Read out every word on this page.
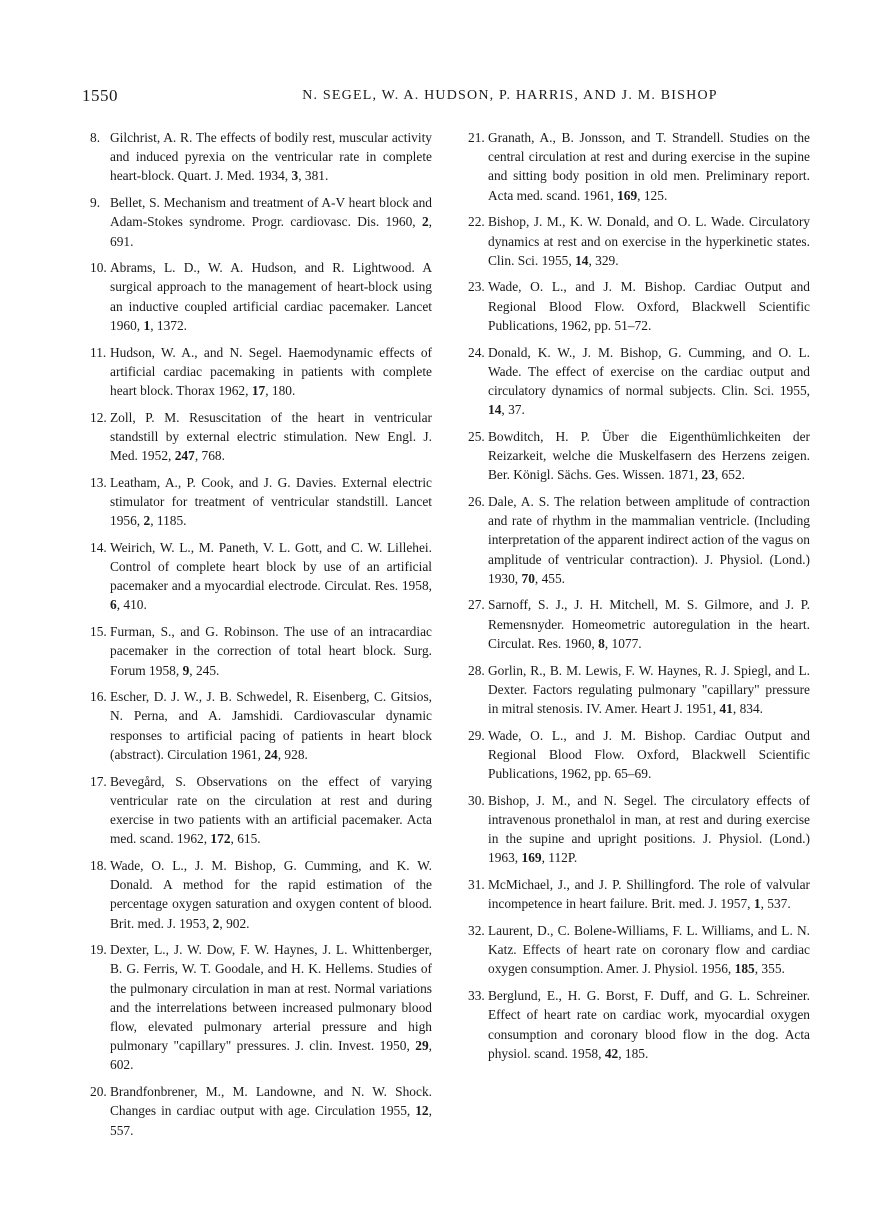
1550	N. SEGEL, W. A. HUDSON, P. HARRIS, AND J. M. BISHOP

8. Gilchrist, A. R. The effects of bodily rest, muscular activity and induced pyrexia on the ventricular rate in complete heart-block. Quart. J. Med. 1934, 3, 381.

9. Bellet, S. Mechanism and treatment of A-V heart block and Adam-Stokes syndrome. Progr. cardiovasc. Dis. 1960, 2, 691.

10. Abrams, L. D., W. A. Hudson, and R. Lightwood. A surgical approach to the management of heart-block using an inductive coupled artificial cardiac pacemaker. Lancet 1960, 1, 1372.

11. Hudson, W. A., and N. Segel. Haemodynamic effects of artificial cardiac pacemaking in patients with complete heart block. Thorax 1962, 17, 180.

12. Zoll, P. M. Resuscitation of the heart in ventricular standstill by external electric stimulation. New Engl. J. Med. 1952, 247, 768.

13. Leatham, A., P. Cook, and J. G. Davies. External electric stimulator for treatment of ventricular standstill. Lancet 1956, 2, 1185.

14. Weirich, W. L., M. Paneth, V. L. Gott, and C. W. Lillehei. Control of complete heart block by use of an artificial pacemaker and a myocardial electrode. Circulat. Res. 1958, 6, 410.

15. Furman, S., and G. Robinson. The use of an intracardiac pacemaker in the correction of total heart block. Surg. Forum 1958, 9, 245.

16. Escher, D. J. W., J. B. Schwedel, R. Eisenberg, C. Gitsios, N. Perna, and A. Jamshidi. Cardiovascular dynamic responses to artificial pacing of patients in heart block (abstract). Circulation 1961, 24, 928.

17. Bevegård, S. Observations on the effect of varying ventricular rate on the circulation at rest and during exercise in two patients with an artificial pacemaker. Acta med. scand. 1962, 172, 615.

18. Wade, O. L., J. M. Bishop, G. Cumming, and K. W. Donald. A method for the rapid estimation of the percentage oxygen saturation and oxygen content of blood. Brit. med. J. 1953, 2, 902.

19. Dexter, L., J. W. Dow, F. W. Haynes, J. L. Whittenberger, B. G. Ferris, W. T. Goodale, and H. K. Hellems. Studies of the pulmonary circulation in man at rest. Normal variations and the interrelations between increased pulmonary blood flow, elevated pulmonary arterial pressure and high pulmonary "capillary" pressures. J. clin. Invest. 1950, 29, 602.

20. Brandfonbrener, M., M. Landowne, and N. W. Shock. Changes in cardiac output with age. Circulation 1955, 12, 557.

21. Granath, A., B. Jonsson, and T. Strandell. Studies on the central circulation at rest and during exercise in the supine and sitting body position in old men. Preliminary report. Acta med. scand. 1961, 169, 125.

22. Bishop, J. M., K. W. Donald, and O. L. Wade. Circulatory dynamics at rest and on exercise in the hyperkinetic states. Clin. Sci. 1955, 14, 329.

23. Wade, O. L., and J. M. Bishop. Cardiac Output and Regional Blood Flow. Oxford, Blackwell Scientific Publications, 1962, pp. 51–72.

24. Donald, K. W., J. M. Bishop, G. Cumming, and O. L. Wade. The effect of exercise on the cardiac output and circulatory dynamics of normal subjects. Clin. Sci. 1955, 14, 37.

25. Bowditch, H. P. Über die Eigenthümlichkeiten der Reizarkeit, welche die Muskelfasern des Herzens zeigen. Ber. Königl. Sächs. Ges. Wissen. 1871, 23, 652.

26. Dale, A. S. The relation between amplitude of contraction and rate of rhythm in the mammalian ventricle. (Including interpretation of the apparent indirect action of the vagus on amplitude of ventricular contraction). J. Physiol. (Lond.) 1930, 70, 455.

27. Sarnoff, S. J., J. H. Mitchell, M. S. Gilmore, and J. P. Remensnyder. Homeometric autoregulation in the heart. Circulat. Res. 1960, 8, 1077.

28. Gorlin, R., B. M. Lewis, F. W. Haynes, R. J. Spiegl, and L. Dexter. Factors regulating pulmonary "capillary" pressure in mitral stenosis. IV. Amer. Heart J. 1951, 41, 834.

29. Wade, O. L., and J. M. Bishop. Cardiac Output and Regional Blood Flow. Oxford, Blackwell Scientific Publications, 1962, pp. 65–69.

30. Bishop, J. M., and N. Segel. The circulatory effects of intravenous pronethalol in man, at rest and during exercise in the supine and upright positions. J. Physiol. (Lond.) 1963, 169, 112P.

31. McMichael, J., and J. P. Shillingford. The role of valvular incompetence in heart failure. Brit. med. J. 1957, 1, 537.

32. Laurent, D., C. Bolene-Williams, F. L. Williams, and L. N. Katz. Effects of heart rate on coronary flow and cardiac oxygen consumption. Amer. J. Physiol. 1956, 185, 355.

33. Berglund, E., H. G. Borst, F. Duff, and G. L. Schreiner. Effect of heart rate on cardiac work, myocardial oxygen consumption and coronary blood flow in the dog. Acta physiol. scand. 1958, 42, 185.
